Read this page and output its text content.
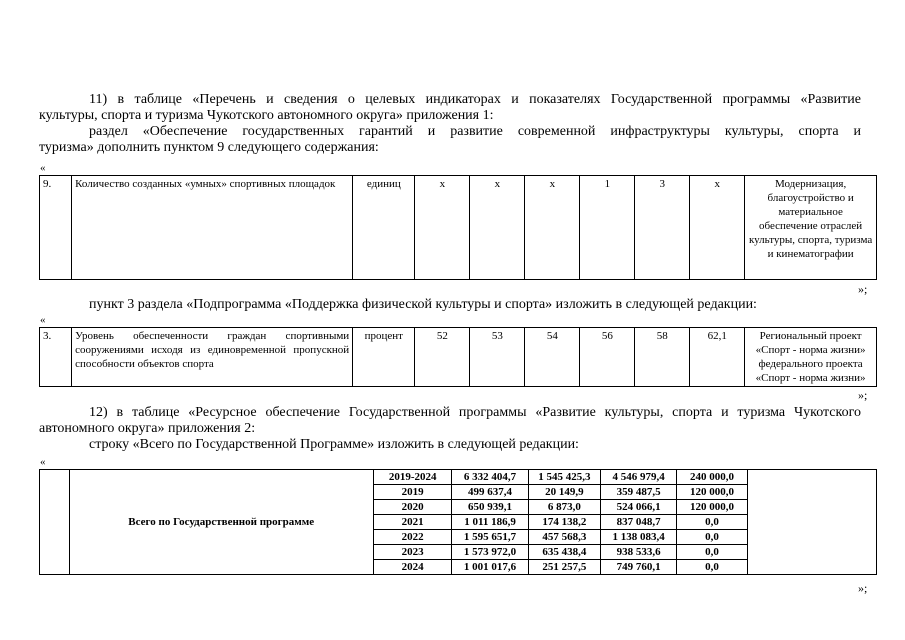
11) в таблице «Перечень и сведения о целевых индикаторах и показателях Государственной программы «Развитие
культуры, спорта и туризма Чукотского автономного округа» приложения 1:
раздел «Обеспечение государственных гарантий и развитие современной инфраструктуры культуры, спорта и
туризма» дополнить пунктом 9 следующего содержания:

«
9.	Количество созданных «умных» спортивных площадок	единиц	х	х	х	1	3	х	Модернизация, благоустройство и материальное обеспечение отраслей культуры, спорта, туризма и кинематографии
»;

пункт 3 раздела «Подпрограмма «Поддержка физической культуры и спорта» изложить в следующей редакции:

«
3.	Уровень обеспеченности граждан спортивными сооружениями исходя из единовременной пропускной способности объектов спорта	процент	52	53	54	56	58	62,1	Региональный проект «Спорт - норма жизни» федерального проекта «Спорт - норма жизни»
»;

12) в таблице «Ресурсное обеспечение Государственной программы «Развитие культуры, спорта и туризма Чукотского
автономного округа» приложения 2:
строку «Всего по Государственной Программе» изложить в следующей редакции:

«
	Всего по Государственной программе	2019-2024	6 332 404,7	1 545 425,3	4 546 979,4	240 000,0	
		2019	499 637,4	20 149,9	359 487,5	120 000,0	
		2020	650 939,1	6 873,0	524 066,1	120 000,0	
		2021	1 011 186,9	174 138,2	837 048,7	0,0	
		2022	1 595 651,7	457 568,3	1 138 083,4	0,0	
		2023	1 573 972,0	635 438,4	938 533,6	0,0	
		2024	1 001 017,6	251 257,5	749 760,1	0,0	
»;
